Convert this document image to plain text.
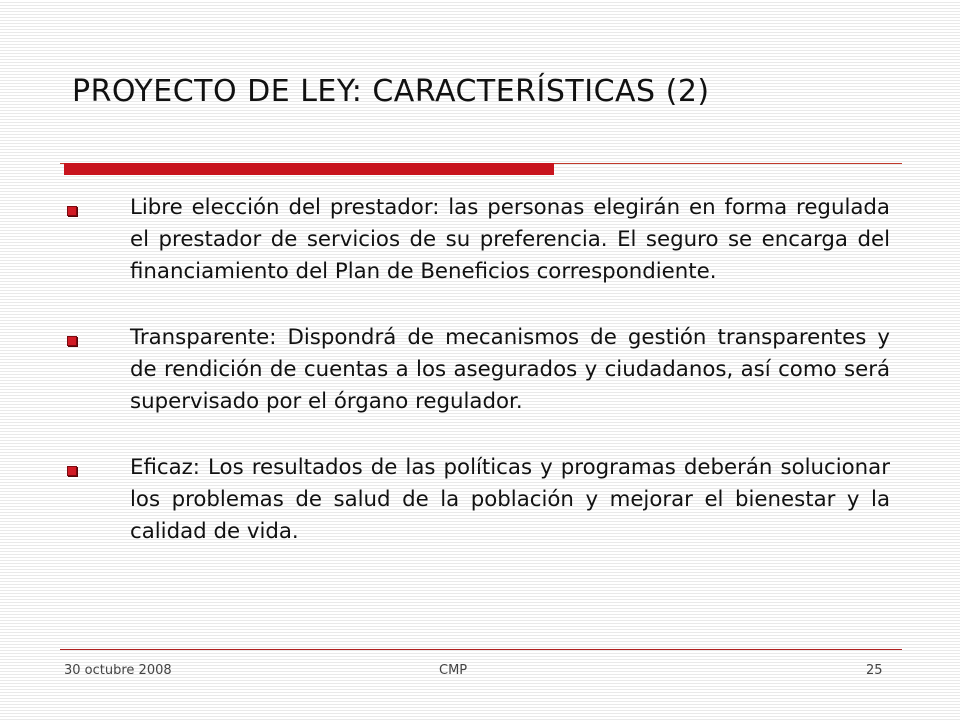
PROYECTO DE LEY: CARACTERÍSTICAS (2)
Libre elección del prestador: las personas elegirán en forma regulada el prestador de servicios de su preferencia. El seguro se encarga del financiamiento del Plan de Beneficios correspondiente.
Transparente: Dispondrá de mecanismos de gestión transparentes y de rendición de cuentas a los asegurados y ciudadanos, así como será supervisado por el órgano regulador.
Eficaz: Los resultados de las políticas y programas deberán solucionar los problemas de salud de la población y mejorar el bienestar y la calidad de vida.
30 octubre 2008	CMP	25
